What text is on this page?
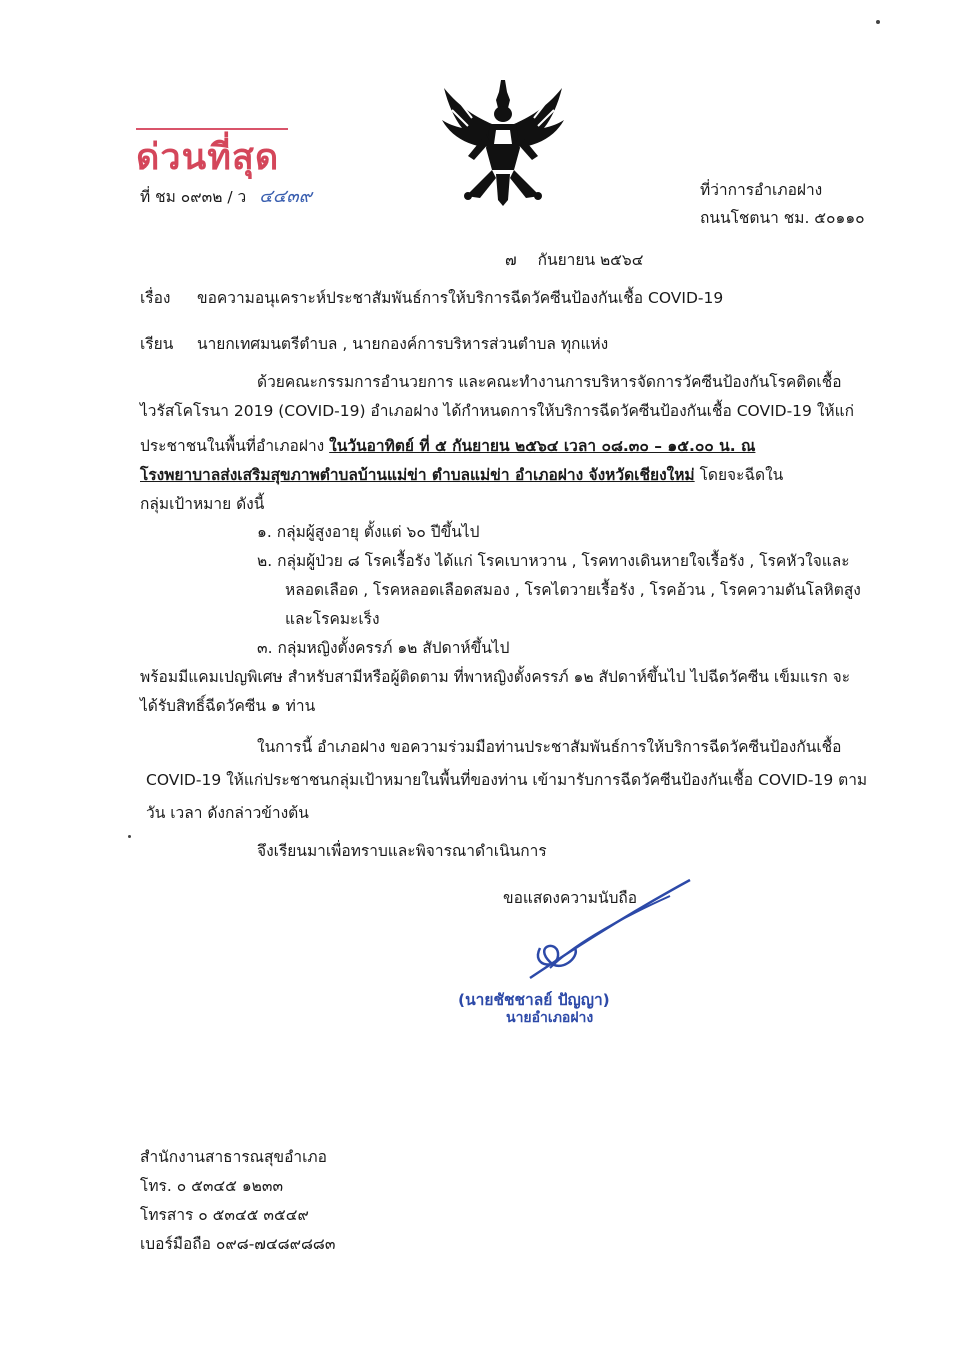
ด่วนที่สุด
ที่ ชม ๐๙๓๒ / ว ๔๔๓๙	ที่ว่าการอำเภอฝาง
ถนนโชตนา ชม. ๕๐๑๑๐
๗ กันยายน ๒๕๖๔
เรื่อง ขอความอนุเคราะห์ประชาสัมพันธ์การให้บริการฉีดวัคซีนป้องกันเชื้อ COVID-19
เรียน นายกเทศมนตรีตำบล , นายกองค์การบริหารส่วนตำบล ทุกแห่ง
ด้วยคณะกรรมการอำนวยการ และคณะทำงานการบริหารจัดการวัคซีนป้องกันโรคติดเชื้อ
ไวรัสโคโรนา 2019 (COVID-19) อำเภอฝาง ได้กำหนดการให้บริการฉีดวัคซีนป้องกันเชื้อ COVID-19 ให้แก่
ประชาชนในพื้นที่อำเภอฝาง ในวันอาทิตย์ ที่ ๕ กันยายน ๒๕๖๔ เวลา ๐๘.๓๐ – ๑๕.๐๐ น. ณ
โรงพยาบาลส่งเสริมสุขภาพตำบลบ้านแม่ข่า ตำบลแม่ข่า อำเภอฝาง จังหวัดเชียงใหม่ โดยจะฉีดใน
กลุ่มเป้าหมาย ดังนี้
๑. กลุ่มผู้สูงอายุ ตั้งแต่ ๖๐ ปีขึ้นไป
๒. กลุ่มผู้ป่วย ๘ โรคเรื้อรัง ได้แก่ โรคเบาหวาน , โรคทางเดินหายใจเรื้อรัง , โรคหัวใจและ
หลอดเลือด , โรคหลอดเลือดสมอง , โรคไตวายเรื้อรัง , โรคอ้วน , โรคความดันโลหิตสูง
และโรคมะเร็ง
๓. กลุ่มหญิงตั้งครรภ์ ๑๒ สัปดาห์ขึ้นไป
พร้อมมีแคมเปญพิเศษ สำหรับสามีหรือผู้ติดตาม ที่พาหญิงตั้งครรภ์ ๑๒ สัปดาห์ขึ้นไป ไปฉีดวัคซีน เข็มแรก จะ
ได้รับสิทธิ์ฉีดวัคซีน ๑ ท่าน
ในการนี้ อำเภอฝาง ขอความร่วมมือท่านประชาสัมพันธ์การให้บริการฉีดวัคซีนป้องกันเชื้อ
COVID-19 ให้แก่ประชาชนกลุ่มเป้าหมายในพื้นที่ของท่าน เข้ามารับการฉีดวัคซีนป้องกันเชื้อ COVID-19 ตาม
วัน เวลา ดังกล่าวข้างต้น
จึงเรียนมาเพื่อทราบและพิจารณาดำเนินการ
ขอแสดงความนับถือ
(นายชัชชาลย์ ปัญญา)
นายอำเภอฝาง
สำนักงานสาธารณสุขอำเภอ
โทร. ๐ ๕๓๔๕ ๑๒๓๓
โทรสาร ๐ ๕๓๔๕ ๓๕๔๙
เบอร์มือถือ ๐๙๘-๗๔๘๙๘๘๓
